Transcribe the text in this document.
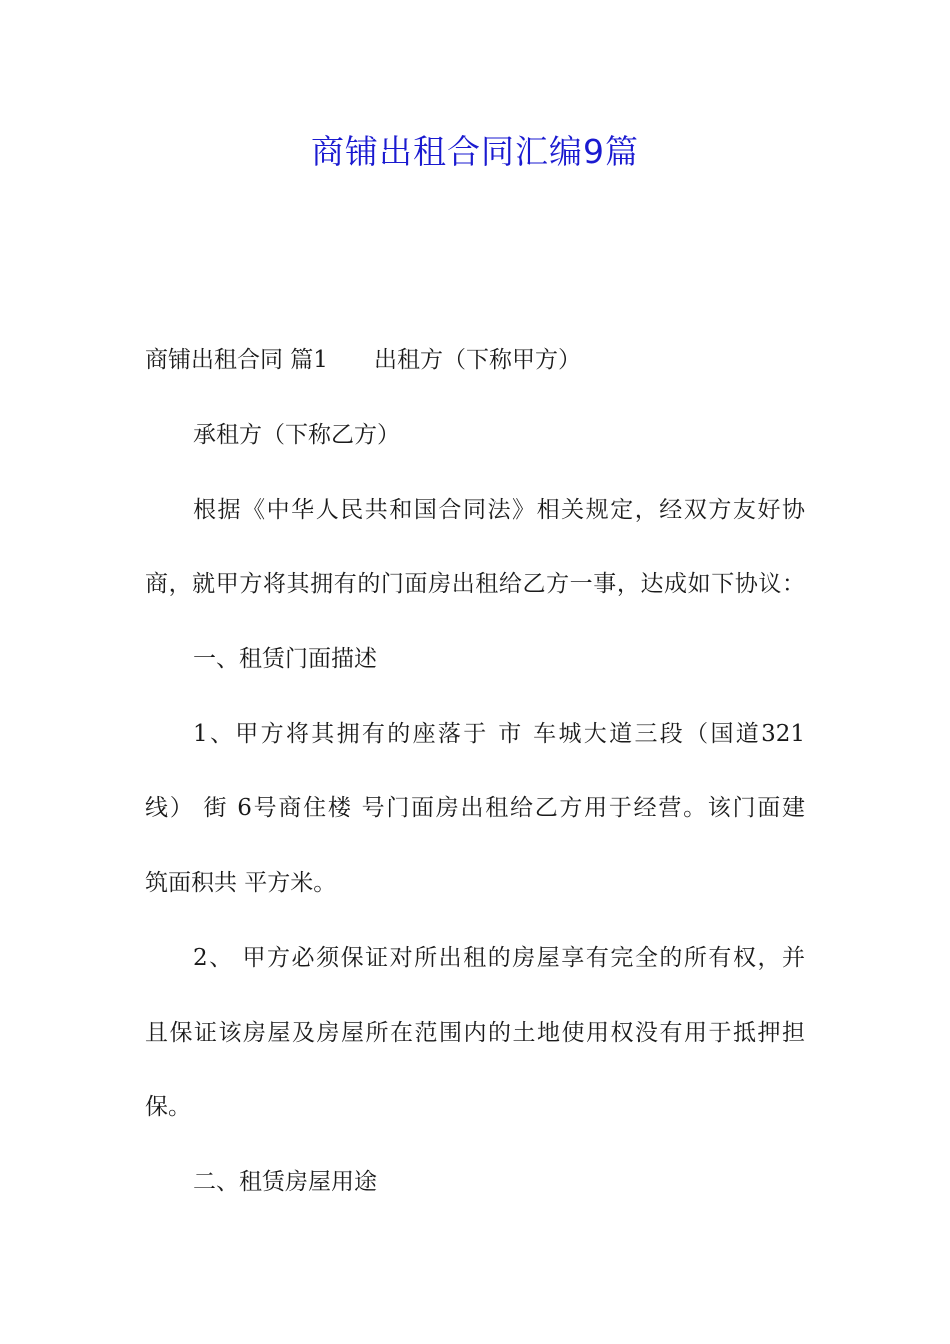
商铺出租合同汇编9篇
商铺出租合同 篇1 出租方（下称甲方）
承租方（下称乙方）
根据《中华人民共和国合同法》相关规定，经双方友好协
商，就甲方将其拥有的门面房出租给乙方一事，达成如下协议：
一、租赁门面描述
1、甲方将其拥有的座落于 市 车城大道三段（国道321
线） 街 6号商住楼 号门面房出租给乙方用于经营。该门面建
筑面积共 平方米。
2、 甲方必须保证对所出租的房屋享有完全的所有权，并
且保证该房屋及房屋所在范围内的土地使用权没有用于抵押担
保。
二、租赁房屋用途
